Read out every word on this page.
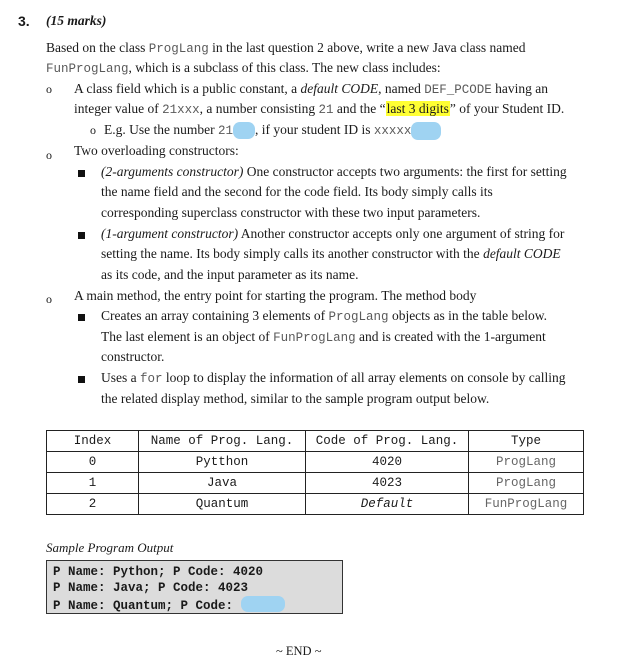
3. (15 marks)
Based on the class ProgLang in the last question 2 above, write a new Java class named
FunProgLang, which is a subclass of this class. The new class includes:
o A class field which is a public constant, a default CODE, named DEF_PCODE having an
integer value of 21xxx, a number consisting 21 and the “last 3 digits” of your Student ID.
o E.g. Use the number 21 , if your student ID is xxxxx
o Two overloading constructors:
(2-arguments constructor) One constructor accepts two arguments: the first for setting
the name field and the second for the code field. Its body simply calls its
corresponding superclass constructor with these two input parameters.
(1-argument constructor) Another constructor accepts only one argument of string for
setting the name. Its body simply calls its another constructor with the default CODE
as its code, and the input parameter as its name.
o A main method, the entry point for starting the program. The method body
Creates an array containing 3 elements of ProgLang objects as in the table below.
The last element is an object of FunProgLang and is created with the 1-argument
constructor.
Uses a for loop to display the information of all array elements on console by calling
the related display method, similar to the sample program output below.
Index	Name of Prog. Lang.	Code of Prog. Lang.	Type
0	Pytthon	4020	ProgLang
1	Java	4023	ProgLang
2	Quantum	Default	FunProgLang
Sample Program Output
P Name: Python; P Code: 4020
P Name: Java; P Code: 4023
P Name: Quantum; P Code:
~ END ~
